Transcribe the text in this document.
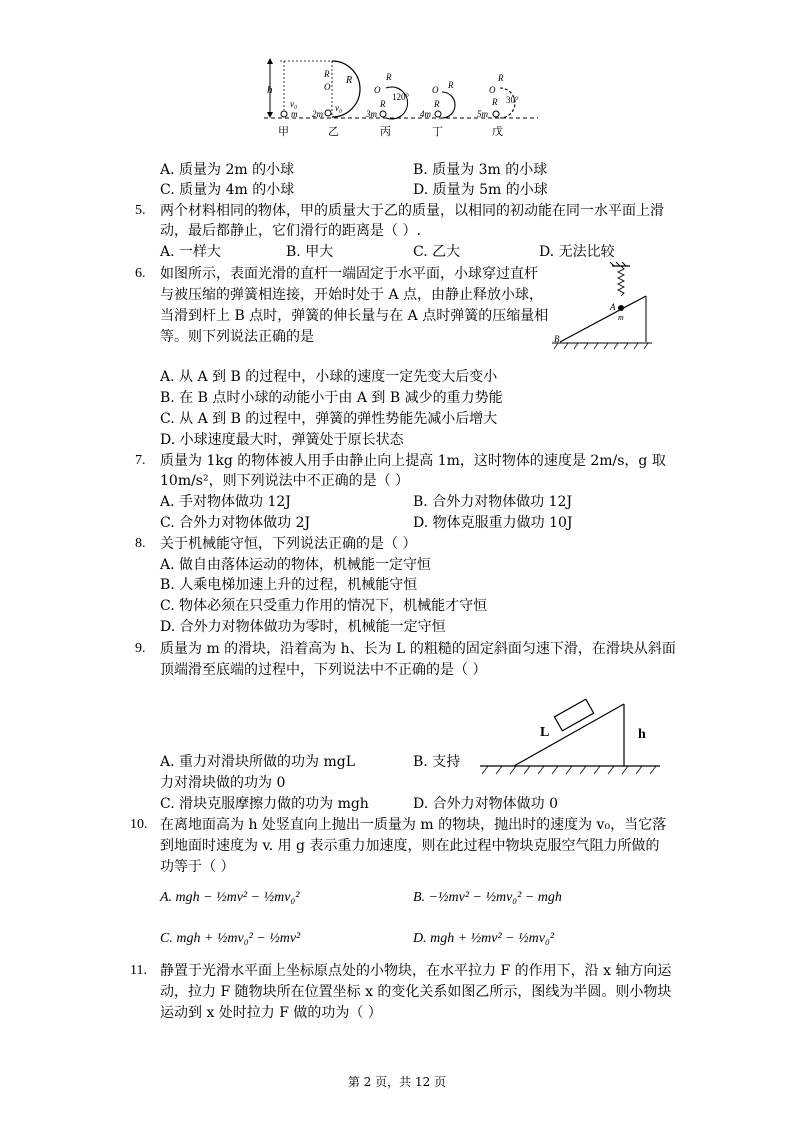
h
v₀
m
R
O
R
2m
v₀
O
R
R
120°
3m
O R
R
4m
O
R
R 30°
5m
甲	乙	丙	丁	戊
A. 质量为 2m 的小球	B. 质量为 3m 的小球
C. 质量为 4m 的小球	D. 质量为 5m 的小球
5. 两个材料相同的物体，甲的质量大于乙的质量，以相同的初动能在同一水平面上滑
动，最后都静止，它们滑行的距离是（ ）.
A. 一样大	B. 甲大	C. 乙大	D. 无法比较
6. 如图所示，表面光滑的直杆一端固定于水平面，小球穿过直杆
与被压缩的弹簧相连接，开始时处于 A 点，由静止释放小球，
当滑到杆上 B 点时，弹簧的伸长量与在 A 点时弹簧的压缩量相
等。则下列说法正确的是
A
B
m
A. 从 A 到 B 的过程中，小球的速度一定先变大后变小
B. 在 B 点时小球的动能小于由 A 到 B 减少的重力势能
C. 从 A 到 B 的过程中，弹簧的弹性势能先减小后增大
D. 小球速度最大时，弹簧处于原长状态
7. 质量为 1kg 的物体被人用手由静止向上提高 1m，这时物体的速度是 2m/s，g 取
10m/s²，则下列说法中不正确的是（ ）
A. 手对物体做功 12J	B. 合外力对物体做功 12J
C. 合外力对物体做功 2J	D. 物体克服重力做功 10J
8. 关于机械能守恒，下列说法正确的是（ ）
A. 做自由落体运动的物体，机械能一定守恒
B. 人乘电梯加速上升的过程，机械能守恒
C. 物体必须在只受重力作用的情况下，机械能才守恒
D. 合外力对物体做功为零时，机械能一定守恒
9. 质量为 m 的滑块，沿着高为 h、长为 L 的粗糙的固定斜面匀速下滑，在滑块从斜面
顶端滑至底端的过程中，下列说法中不正确的是（ ）
L	h
A. 重力对滑块所做的功为 mgL	B. 支持
力对滑块做的功为 0
C. 滑块克服摩擦力做的功为 mgh	D. 合外力对物体做功 0
10. 在离地面高为 h 处竖直向上抛出一质量为 m 的物块，抛出时的速度为 v₀，当它落
到地面时速度为 v. 用 g 表示重力加速度，则在此过程中物块克服空气阻力所做的
功等于（ ）
A. mgh − ½mv² − ½mv₀²	B. −½mv² − ½mv₀² − mgh
C. mgh + ½mv₀² − ½mv²	D. mgh + ½mv² − ½mv₀²
11. 静置于光滑水平面上坐标原点处的小物块，在水平拉力 F 的作用下，沿 x 轴方向运
动，拉力 F 随物块所在位置坐标 x 的变化关系如图乙所示，图线为半圆。则小物块
运动到 x 处时拉力 F 做的功为（ ）
第 2 页，共 12 页
